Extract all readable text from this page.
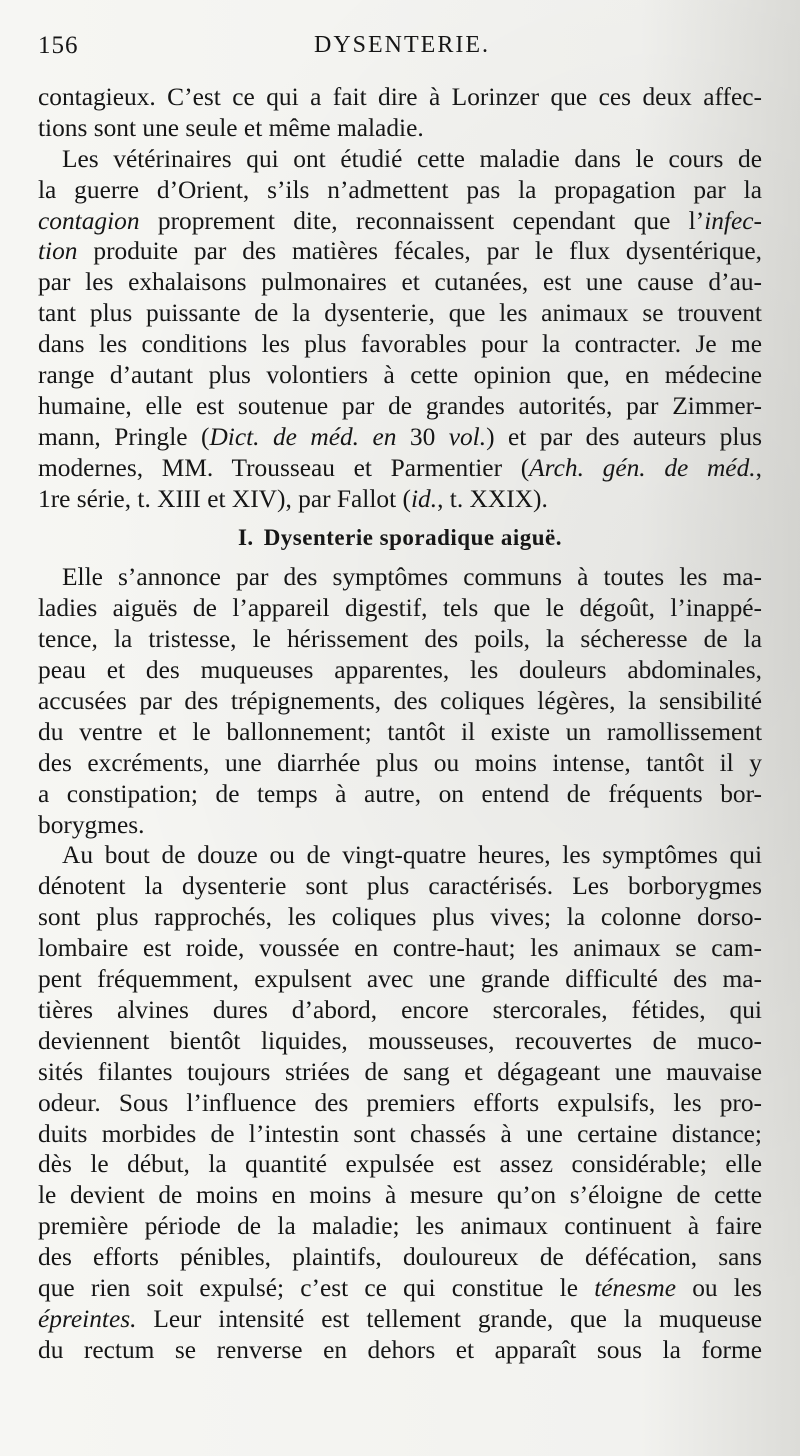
156	DYSENTERIE.
contagieux. C’est ce qui a fait dire à Lorinzer que ces deux affec-
tions sont une seule et même maladie.
Les vétérinaires qui ont étudié cette maladie dans le cours de
la guerre d’Orient, s’ils n’admettent pas la propagation par la
contagion proprement dite, reconnaissent cependant que l’infec-
tion produite par des matières fécales, par le flux dysentérique,
par les exhalaisons pulmonaires et cutanées, est une cause d’au-
tant plus puissante de la dysenterie, que les animaux se trouvent
dans les conditions les plus favorables pour la contracter. Je me
range d’autant plus volontiers à cette opinion que, en médecine
humaine, elle est soutenue par de grandes autorités, par Zimmer-
mann, Pringle (Dict. de méd. en 30 vol.) et par des auteurs plus
modernes, MM. Trousseau et Parmentier (Arch. gén. de méd.,
1re série, t. XIII et XIV), par Fallot (id., t. XXIX).
I. Dysenterie sporadique aiguë.
Elle s’annonce par des symptômes communs à toutes les ma-
ladies aiguës de l’appareil digestif, tels que le dégoût, l’inappé-
tence, la tristesse, le hérissement des poils, la sécheresse de la
peau et des muqueuses apparentes, les douleurs abdominales,
accusées par des trépignements, des coliques légères, la sensibilité
du ventre et le ballonnement; tantôt il existe un ramollissement
des excréments, une diarrhée plus ou moins intense, tantôt il y
a constipation; de temps à autre, on entend de fréquents bor-
borygmes.
Au bout de douze ou de vingt-quatre heures, les symptômes qui
dénotent la dysenterie sont plus caractérisés. Les borborygmes
sont plus rapprochés, les coliques plus vives; la colonne dorso-
lombaire est roide, voussée en contre-haut; les animaux se cam-
pent fréquemment, expulsent avec une grande difficulté des ma-
tières alvines dures d’abord, encore stercorales, fétides, qui
deviennent bientôt liquides, mousseuses, recouvertes de muco-
sités filantes toujours striées de sang et dégageant une mauvaise
odeur. Sous l’influence des premiers efforts expulsifs, les pro-
duits morbides de l’intestin sont chassés à une certaine distance;
dès le début, la quantité expulsée est assez considérable; elle
le devient de moins en moins à mesure qu’on s’éloigne de cette
première période de la maladie; les animaux continuent à faire
des efforts pénibles, plaintifs, douloureux de défécation, sans
que rien soit expulsé; c’est ce qui constitue le ténesme ou les
épreintes. Leur intensité est tellement grande, que la muqueuse
du rectum se renverse en dehors et apparaît sous la forme
